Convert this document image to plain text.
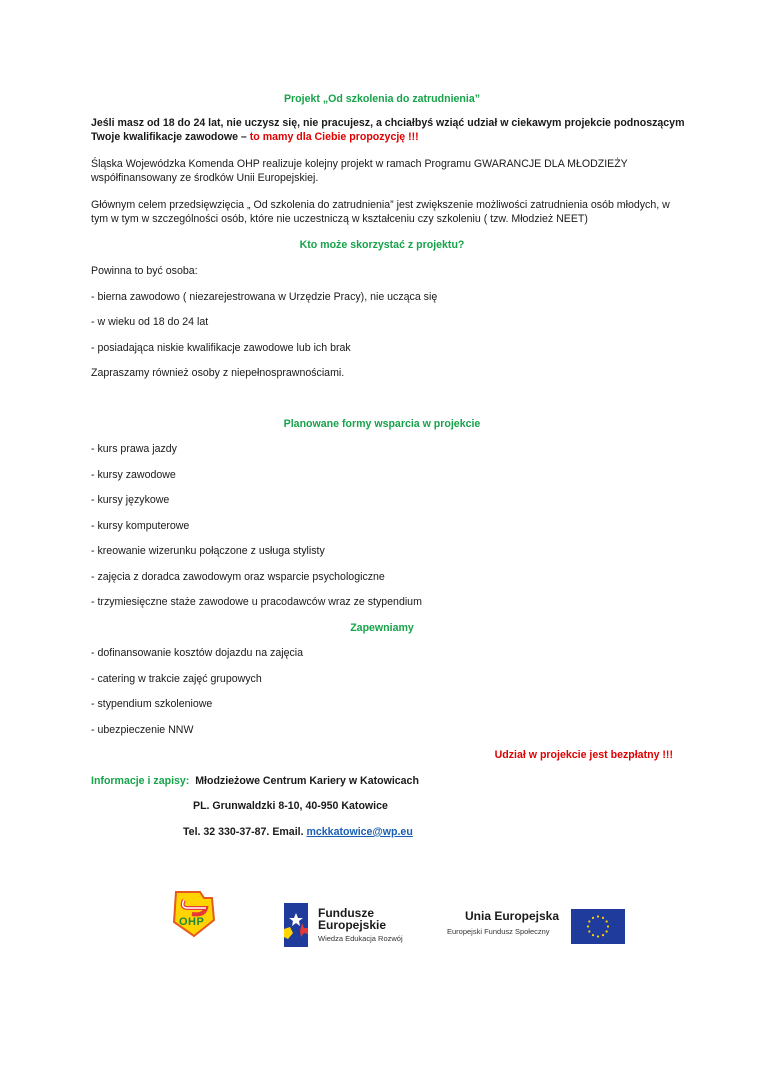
Projekt „Od szkolenia do zatrudnienia”
Jeśli masz od 18 do 24 lat, nie uczysz się, nie pracujesz, a chciałbyś wziąć udział w ciekawym projekcie podnoszącym
Twoje kwalifikacje zawodowe – to mamy dla Ciebie propozycję !!!
Śląska Wojewódzka Komenda OHP realizuje kolejny projekt w ramach Programu GWARANCJE DLA MŁODZIEŻY
współfinansowany ze środków Unii Europejskiej.
Głównym celem przedsięwzięcia „ Od szkolenia do zatrudnienia” jest zwiększenie możliwości zatrudnienia osób młodych, w
tym w tym w szczególności osób, które nie uczestniczą w kształceniu czy szkoleniu ( tzw. Młodzież NEET)
Kto może skorzystać z projektu?
Powinna to być osoba:
- bierna zawodowo ( niezarejestrowana w Urzędzie Pracy), nie ucząca się
- w wieku od 18 do 24 lat
- posiadająca niskie kwalifikacje zawodowe lub ich brak
Zapraszamy również osoby z niepełnosprawnościami.
Planowane formy wsparcia w projekcie
- kurs prawa jazdy
- kursy zawodowe
- kursy językowe
- kursy komputerowe
- kreowanie wizerunku połączone z usługa stylisty
- zajęcia z doradca zawodowym oraz wsparcie psychologiczne
- trzymiesięczne staże zawodowe u pracodawców wraz ze stypendium
Zapewniamy
- dofinansowanie kosztów dojazdu na zajęcia
- catering w trakcie zajęć grupowych
- stypendium szkoleniowe
- ubezpieczenie NNW
Udział w projekcie jest bezpłatny !!!
Informacje i zapisy: Młodzieżowe Centrum Kariery w Katowicach
PL. Grunwaldzki 8-10, 40-950 Katowice
Tel. 32 330-37-87. Email. mckkatowice@wp.eu
OHP
Fundusze
Europejskie
Wiedza Edukacja Rozwój
Unia Europejska
Europejski Fundusz Społeczny
